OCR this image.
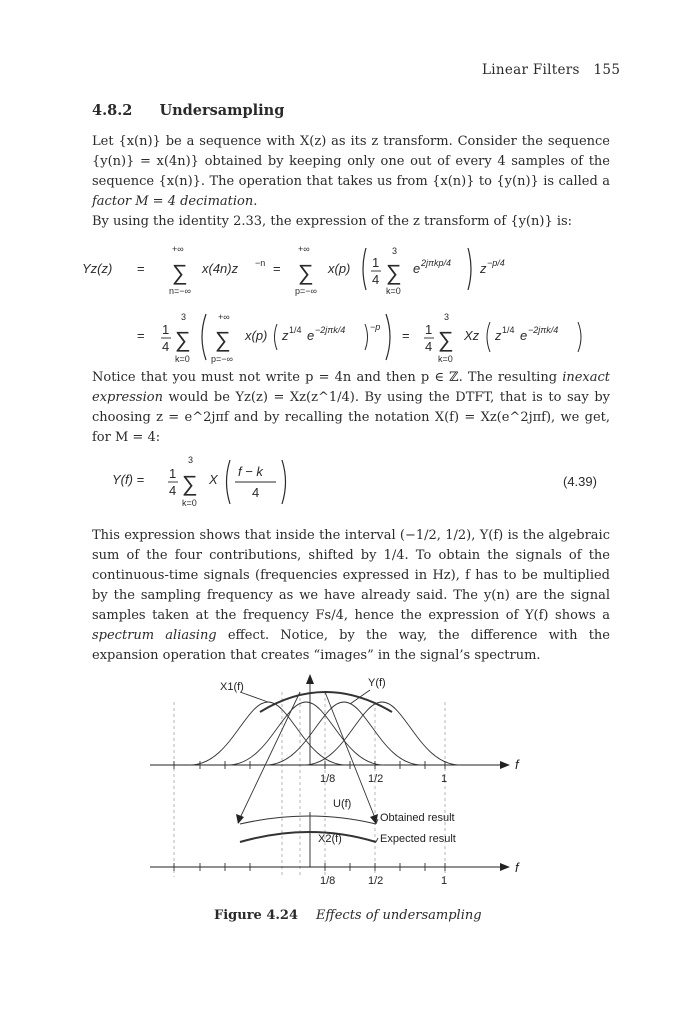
Linear Filters 155
4.8.2 Undersampling
Let {x(n)} be a sequence with X(z) as its z transform. Consider the sequence {y(n)} = x(4n)} obtained by keeping only one out of every 4 samples of the sequence {x(n)}. The operation that takes us from {x(n)} to {y(n)} is called a factor M = 4 decimation.
By using the identity 2.33, the expression of the z transform of {y(n)} is:
Yz(z) =
+∞
∑
n=−∞
x(4n)z −n =
+∞
∑
p=−∞
x(p) 1
4
3
∑
k=0
e 2jπkp/4 z −p/4
= 1
4
3
∑
k=0
+∞
∑
p=−∞
x(p) z 1/4 e −2jπk/4	−p
= 1
4
3
∑
k=0
Xz z 1/4 e −2jπk/4
Notice that you must not write p = 4n and then p ∈ ℤ. The resulting inexact expression would be Yz(z) = Xz(z^1/4). By using the DTFT, that is to say by choosing z = e^2jπf and by recalling the notation X(f) = Xz(e^2jπf), we get, for M = 4:
Y(f) = 1
4
3
∑
k=0
X
f − k
4
(4.39)
This expression shows that inside the interval (−1/2, 1/2), Y(f) is the algebraic sum of the four contributions, shifted by 1/4. To obtain the signals of the continuous-time signals (frequencies expressed in Hz), f has to be multiplied by the sampling frequency as we have already said. The y(n) are the signal samples taken at the frequency Fs/4, hence the expression of Y(f) shows a spectrum aliasing effect. Notice, by the way, the difference with the expansion operation that creates “images” in the signal’s spectrum.
X1(f)	Y(f)
f
1/8	1/2	1
U(f)
X2(f)
Obtained result
Expected result
f
1/8	1/2	1
Figure 4.24 Effects of undersampling
